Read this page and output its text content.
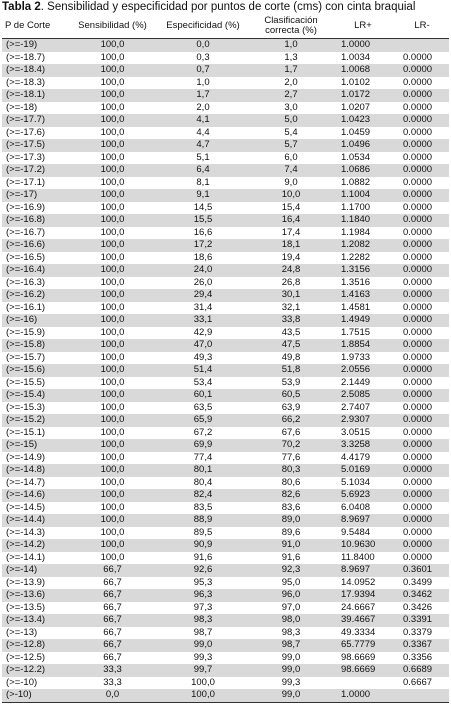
Tabla 2. Sensibilidad y especificidad por puntos de corte (cms) con cinta braquial
P de Corte	Sensibilidad (%)	Especificidad (%)	Clasificación correcta (%)	LR+	LR-
(>=-19)	100,0	0,0	1,0	1.0000	
(>=-18.7)	100,0	0,3	1,3	1.0034	0.0000
(>=-18.4)	100,0	0,7	1,7	1.0068	0.0000
(>=-18.3)	100,0	1,0	2,0	1.0102	0.0000
(>=-18.1)	100,0	1,7	2,7	1.0172	0.0000
(>=-18)	100,0	2,0	3,0	1.0207	0.0000
(>=-17.7)	100,0	4,1	5,0	1.0423	0.0000
(>=-17.6)	100,0	4,4	5,4	1.0459	0.0000
(>=-17.5)	100,0	4,7	5,7	1.0496	0.0000
(>=-17.3)	100,0	5,1	6,0	1.0534	0.0000
(>=-17.2)	100,0	6,4	7,4	1.0686	0.0000
(>=-17.1)	100,0	8,1	9,0	1.0882	0.0000
(>=-17)	100,0	9,1	10,0	1.1004	0.0000
(>=-16.9)	100,0	14,5	15,4	1.1700	0.0000
(>=-16.8)	100,0	15,5	16,4	1.1840	0.0000
(>=-16.7)	100,0	16,6	17,4	1.1984	0.0000
(>=-16.6)	100,0	17,2	18,1	1.2082	0.0000
(>=-16.5)	100,0	18,6	19,4	1.2282	0.0000
(>=-16.4)	100,0	24,0	24,8	1.3156	0.0000
(>=-16.3)	100,0	26,0	26,8	1.3516	0.0000
(>=-16.2)	100,0	29,4	30,1	1.4163	0.0000
(>=-16.1)	100,0	31,4	32,1	1.4581	0.0000
(>=-16)	100,0	33,1	33,8	1.4949	0.0000
(>=-15.9)	100,0	42,9	43,5	1.7515	0.0000
(>=-15.8)	100,0	47,0	47,5	1.8854	0.0000
(>=-15.7)	100,0	49,3	49,8	1.9733	0.0000
(>=-15.6)	100,0	51,4	51,8	2.0556	0.0000
(>=-15.5)	100,0	53,4	53,9	2.1449	0.0000
(>=-15.4)	100,0	60,1	60,5	2.5085	0.0000
(>=-15.3)	100,0	63,5	63,9	2.7407	0.0000
(>=-15.2)	100,0	65,9	66,2	2.9307	0.0000
(>=-15.1)	100,0	67,2	67,6	3.0515	0.0000
(>=-15)	100,0	69,9	70,2	3.3258	0.0000
(>=-14.9)	100,0	77,4	77,6	4.4179	0.0000
(>=-14.8)	100,0	80,1	80,3	5.0169	0.0000
(>=-14.7)	100,0	80,4	80,6	5.1034	0.0000
(>=-14.6)	100,0	82,4	82,6	5.6923	0.0000
(>=-14.5)	100,0	83,5	83,6	6.0408	0.0000
(>=-14.4)	100,0	88,9	89,0	8.9697	0.0000
(>=-14.3)	100,0	89,5	89,6	9.5484	0.0000
(>=-14.2)	100,0	90,9	91,0	10.9630	0.0000
(>=-14.1)	100,0	91,6	91,6	11.8400	0.0000
(>=-14)	66,7	92,6	92,3	8.9697	0.3601
(>=-13.9)	66,7	95,3	95,0	14.0952	0.3499
(>=-13.6)	66,7	96,3	96,0	17.9394	0.3462
(>=-13.5)	66,7	97,3	97,0	24.6667	0.3426
(>=-13.4)	66,7	98,3	98,0	39.4667	0.3391
(>=-13)	66,7	98,7	98,3	49.3334	0.3379
(>=-12.8)	66,7	99,0	98,7	65.7779	0.3367
(>=-12.5)	66,7	99,3	99,0	98.6669	0.3356
(>=-12.2)	33,3	99,7	99,0	98.6669	0.6689
(>=-10)	33,3	100,0	99,3		0.6667
(>-10)	0,0	100,0	99,0	1.0000	
